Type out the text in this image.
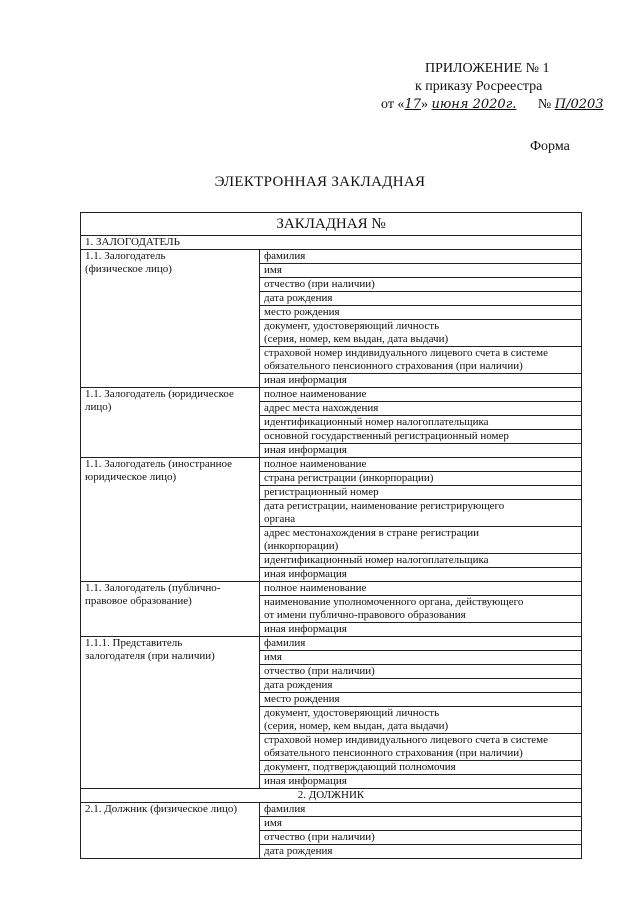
ПРИЛОЖЕНИЕ № 1
к приказу Росреестра
от «17» июня 2020г. № П/0203
Форма
ЭЛЕКТРОННАЯ ЗАКЛАДНАЯ
ЗАКЛАДНАЯ №	
1. ЗАЛОГОДАТЕЛЬ	
1.1. Залогодатель
(физическое лицо)	фамилия
	имя
	отчество (при наличии)
	дата рождения
	место рождения
	документ, удостоверяющий личность
(серия, номер, кем выдан, дата выдачи)
	страховой номер индивидуального лицевого счета в системе
обязательного пенсионного страхования (при наличии)
	иная информация
1.1. Залогодатель (юридическое
лицо)	полное наименование
	адрес места нахождения
	идентификационный номер налогоплательщика
	основной государственный регистрационный номер
	иная информация
1.1. Залогодатель (иностранное
юридическое лицо)	полное наименование
	страна регистрации (инкорпорации)
	регистрационный номер
	дата регистрации, наименование регистрирующего
органа
	адрес местонахождения в стране регистрации
(инкорпорации)
	идентификационный номер налогоплательщика
	иная информация
1.1. Залогодатель (публично-
правовое образование)	полное наименование
	наименование уполномоченного органа, действующего
от имени публично-правового образования
	иная информация
1.1.1. Представитель
залогодателя (при наличии)	фамилия
	имя
	отчество (при наличии)
	дата рождения
	место рождения
	документ, удостоверяющий личность
(серия, номер, кем выдан, дата выдачи)
	страховой номер индивидуального лицевого счета в системе
обязательного пенсионного страхования (при наличии)
	документ, подтверждающий полномочия
	иная информация
2. ДОЛЖНИК	
2.1. Должник (физическое лицо)	фамилия
	имя
	отчество (при наличии)
	дата рождения
